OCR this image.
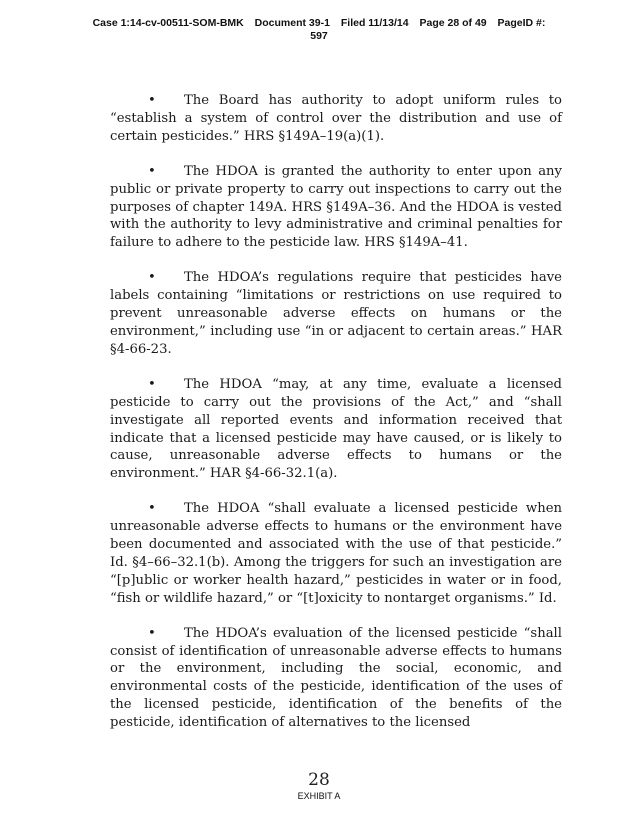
Case 1:14-cv-00511-SOM-BMK Document 39-1 Filed 11/13/14 Page 28 of 49 PageID #:
597

• The Board has authority to adopt uniform rules to “establish a system of control over the distribution and use of certain pesticides.” HRS §149A–19(a)(1).

• The HDOA is granted the authority to enter upon any public or private property to carry out inspections to carry out the purposes of chapter 149A. HRS §149A–36. And the HDOA is vested with the authority to levy administrative and criminal penalties for failure to adhere to the pesticide law. HRS §149A–41.

• The HDOA’s regulations require that pesticides have labels containing “limitations or restrictions on use required to prevent unreasonable adverse effects on humans or the environment,” including use “in or adjacent to certain areas.” HAR §4-66-23.

• The HDOA “may, at any time, evaluate a licensed pesticide to carry out the provisions of the Act,” and “shall investigate all reported events and information received that indicate that a licensed pesticide may have caused, or is likely to cause, unreasonable adverse effects to humans or the environment.” HAR §4-66-32.1(a).

• The HDOA “shall evaluate a licensed pesticide when unreasonable adverse effects to humans or the environment have been documented and associated with the use of that pesticide.” Id. §4–66–32.1(b). Among the triggers for such an investigation are “[p]ublic or worker health hazard,” pesticides in water or in food, “fish or wildlife hazard,” or “[t]oxicity to nontarget organisms.” Id.

• The HDOA’s evaluation of the licensed pesticide “shall consist of identification of unreasonable adverse effects to humans or the environment, including the social, economic, and environmental costs of the pesticide, identification of the uses of the licensed pesticide, identification of the benefits of the pesticide, identification of alternatives to the licensed

28
EXHIBIT A
